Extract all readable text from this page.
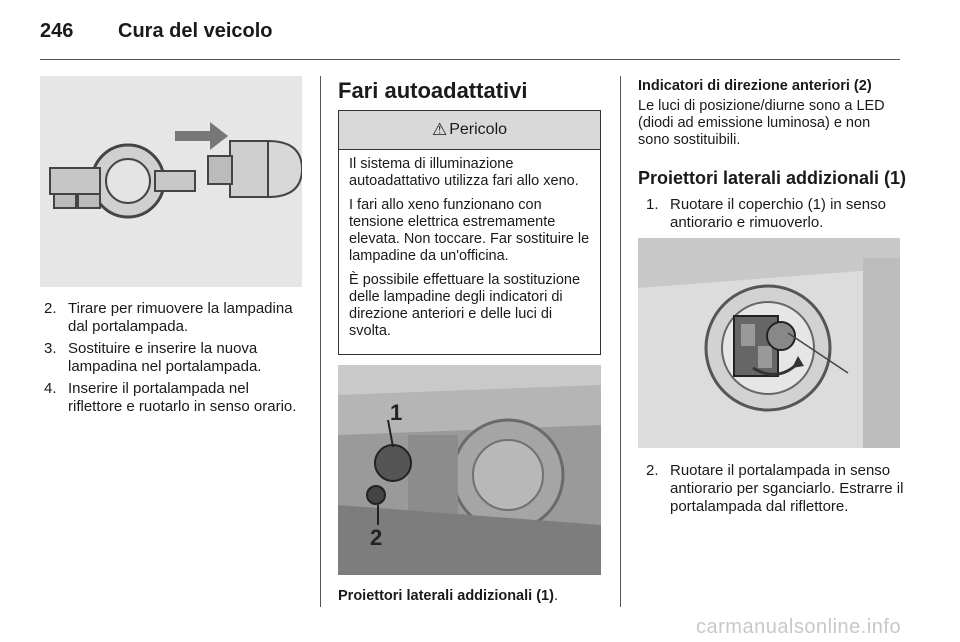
246 Cura del veicolo
2. Tirare per rimuovere la lampadina dal portalampada.
3. Sostituire e inserire la nuova lampadina nel portalampada.
4. Inserire il portalampada nel riflettore e ruotarlo in senso orario.
Fari autoadattativi
⚠ Pericolo

Il sistema di illuminazione autoadattativo utilizza fari allo xeno.

I fari allo xeno funzionano con tensione elettrica estremamente elevata. Non toccare. Far sostituire le lampadine da un'officina.

È possibile effettuare la sostituzione delle lampadine degli indicatori di direzione anteriori e delle luci di svolta.

1
2
Proiettori laterali addizionali (1).
Indicatori di direzione anteriori (2)
Le luci di posizione/diurne sono a LED (diodi ad emissione luminosa) e non sono sostituibili.
Proiettori laterali addizionali (1)
1. Ruotare il coperchio (1) in senso antiorario e rimuoverlo.
2. Ruotare il portalampada in senso antiorario per sganciarlo. Estrarre il portalampada dal riflettore.
carmanualsonline.info
